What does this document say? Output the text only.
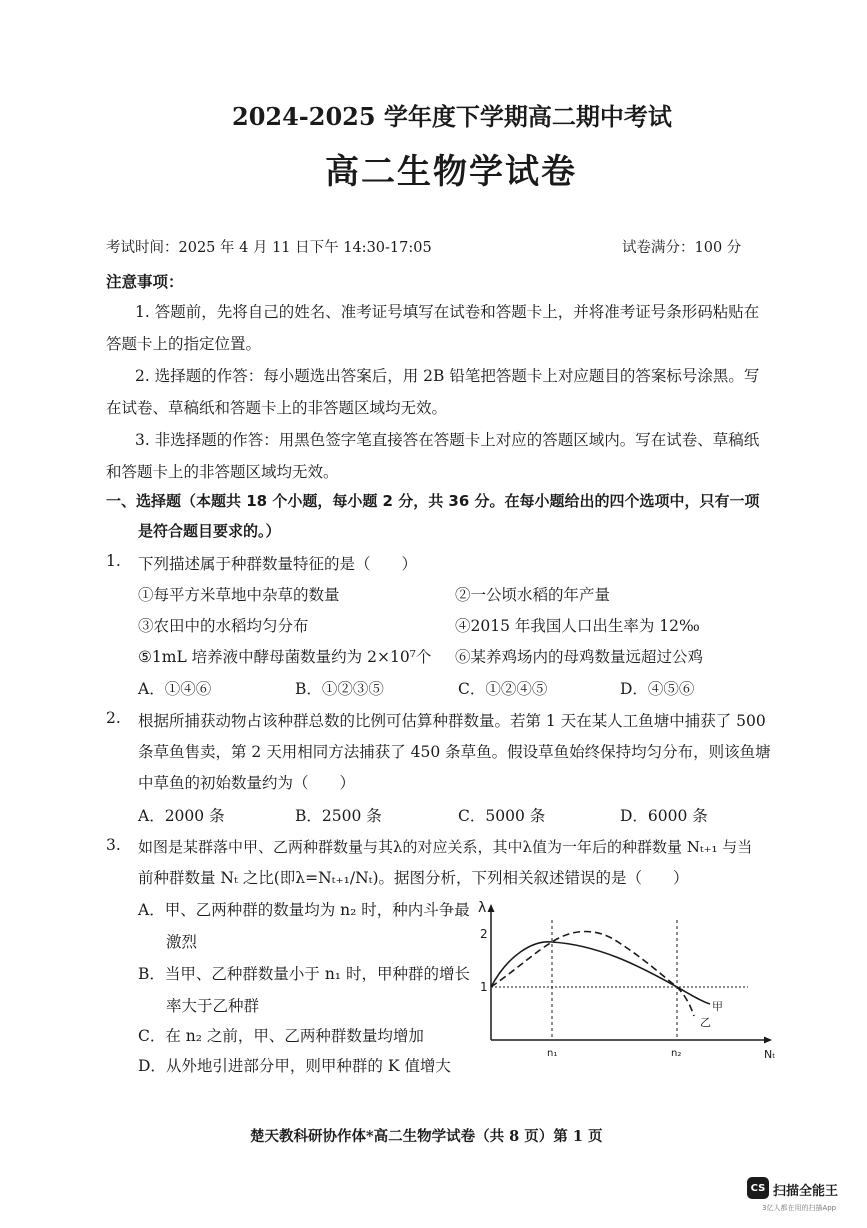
2024-2025 学年度下学期高二期中考试
高二生物学试卷
考试时间：2025 年 4 月 11 日下午 14:30-17:05	试卷满分：100 分
注意事项：
1. 答题前，先将自己的姓名、准考证号填写在试卷和答题卡上，并将准考证号条形码粘贴在
答题卡上的指定位置。
2. 选择题的作答：每小题选出答案后，用 2B 铅笔把答题卡上对应题目的答案标号涂黑。写
在试卷、草稿纸和答题卡上的非答题区域均无效。
3. 非选择题的作答：用黑色签字笔直接答在答题卡上对应的答题区域内。写在试卷、草稿纸
和答题卡上的非答题区域均无效。
一、选择题（本题共 18 个小题，每小题 2 分，共 36 分。在每小题给出的四个选项中，只有一项
是符合题目要求的。）
1. 下列描述属于种群数量特征的是（　　）
①每平方米草地中杂草的数量	②一公顷水稻的年产量
③农田中的水稻均匀分布	④2015 年我国人口出生率为 12‰
⑤1mL 培养液中酵母菌数量约为 2×10⁷个 ⑥某养鸡场内的母鸡数量远超过公鸡
A．①④⑥	B．①②③⑤	C．①②④⑤	D．④⑤⑥
2. 根据所捕获动物占该种群总数的比例可估算种群数量。若第 1 天在某人工鱼塘中捕获了 500
条草鱼售卖，第 2 天用相同方法捕获了 450 条草鱼。假设草鱼始终保持均匀分布，则该鱼塘
中草鱼的初始数量约为（　　）
A．2000 条	B．2500 条	C．5000 条	D．6000 条
3. 如图是某群落中甲、乙两种群数量与其λ的对应关系，其中λ值为一年后的种群数量 Nₜ₊₁ 与当
前种群数量 Nₜ 之比(即λ=Nₜ₊₁/Nₜ)。据图分析，下列相关叙述错误的是（　　）
A．甲、乙两种群的数量均为 n₂ 时，种内斗争最
激烈
B．当甲、乙种群数量小于 n₁ 时，甲种群的增长
率大于乙种群
C．在 n₂ 之前，甲、乙两种群数量均增加
D．从外地引进部分甲，则甲种群的 K 值增大
λ
Nₜ
2
1
n₁	n₂
甲
乙
楚天教科研协作体*高二生物学试卷（共 8 页）第 1 页
CS 扫描全能王
3亿人都在用的扫描App
